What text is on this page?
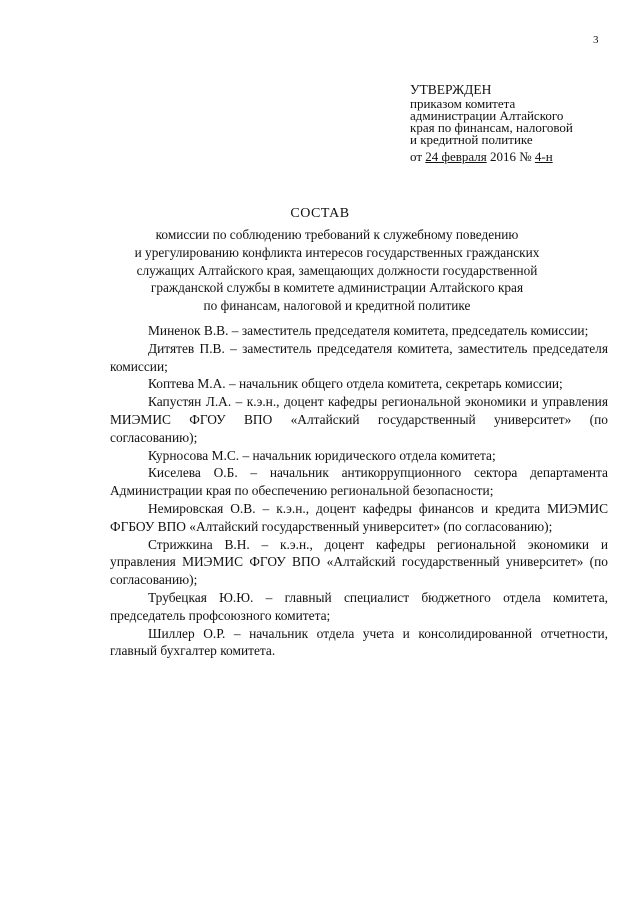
3
УТВЕРЖДЕН
приказом комитета
администрации Алтайского
края по финансам, налоговой
и кредитной политике
от 24 февраля 2016 № 4-н
СОСТАВ
комиссии по соблюдению требований к служебному поведению
и урегулированию конфликта интересов государственных гражданских
служащих Алтайского края, замещающих должности государственной
гражданской службы в комитете администрации Алтайского края
по финансам, налоговой и кредитной политике

Миненок В.В. – заместитель председателя комитета, председатель комиссии;

Дитятев П.В. – заместитель председателя комитета, заместитель председателя комиссии;

Коптева М.А. – начальник общего отдела комитета, секретарь комиссии;

Капустян Л.А. – к.э.н., доцент кафедры региональной экономики и управления МИЭМИС ФГОУ ВПО «Алтайский государственный университет» (по согласованию);

Курносова М.С. – начальник юридического отдела комитета;

Киселева О.Б. – начальник антикоррупционного сектора департамента Администрации края по обеспечению региональной безопасности;

Немировская О.В. – к.э.н., доцент кафедры финансов и кредита МИЭМИС ФГБОУ ВПО «Алтайский государственный университет» (по согласованию);

Стрижкина В.Н. – к.э.н., доцент кафедры региональной экономики и управления МИЭМИС ФГОУ ВПО «Алтайский государственный университет» (по согласованию);

Трубецкая Ю.Ю. – главный специалист бюджетного отдела комитета, председатель профсоюзного комитета;

Шиллер О.Р. – начальник отдела учета и консолидированной отчетности, главный бухгалтер комитета.
